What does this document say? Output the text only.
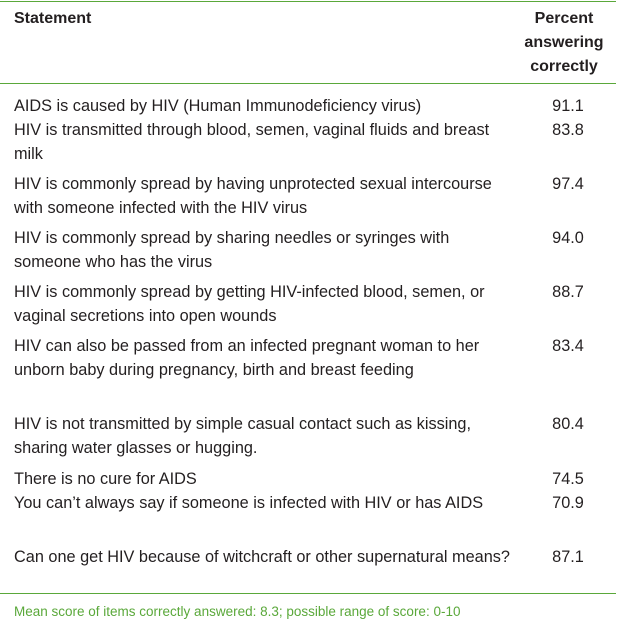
Statement	Percent answering correctly
AIDS is caused by HIV (Human Immunodeficiency virus)	91.1
HIV is transmitted through blood, semen, vaginal fluids and breast milk	83.8
HIV is commonly spread by having unprotected sexual intercourse with someone infected with the HIV virus	97.4
HIV is commonly spread by sharing needles or syringes with someone who has the virus	94.0
HIV is commonly spread by getting HIV-infected blood, semen, or vaginal secretions into open wounds	88.7
HIV can also be passed from an infected pregnant woman to her unborn baby during pregnancy, birth and breast feeding	83.4
HIV is not transmitted by simple casual contact such as kissing, sharing water glasses or hugging.	80.4
There is no cure for AIDS	74.5
You can’t always say if someone is infected with HIV or has AIDS	70.9
Can one get HIV because of witchcraft or other supernatural means?	87.1
Mean score of items correctly answered: 8.3; possible range of score: 0-10
